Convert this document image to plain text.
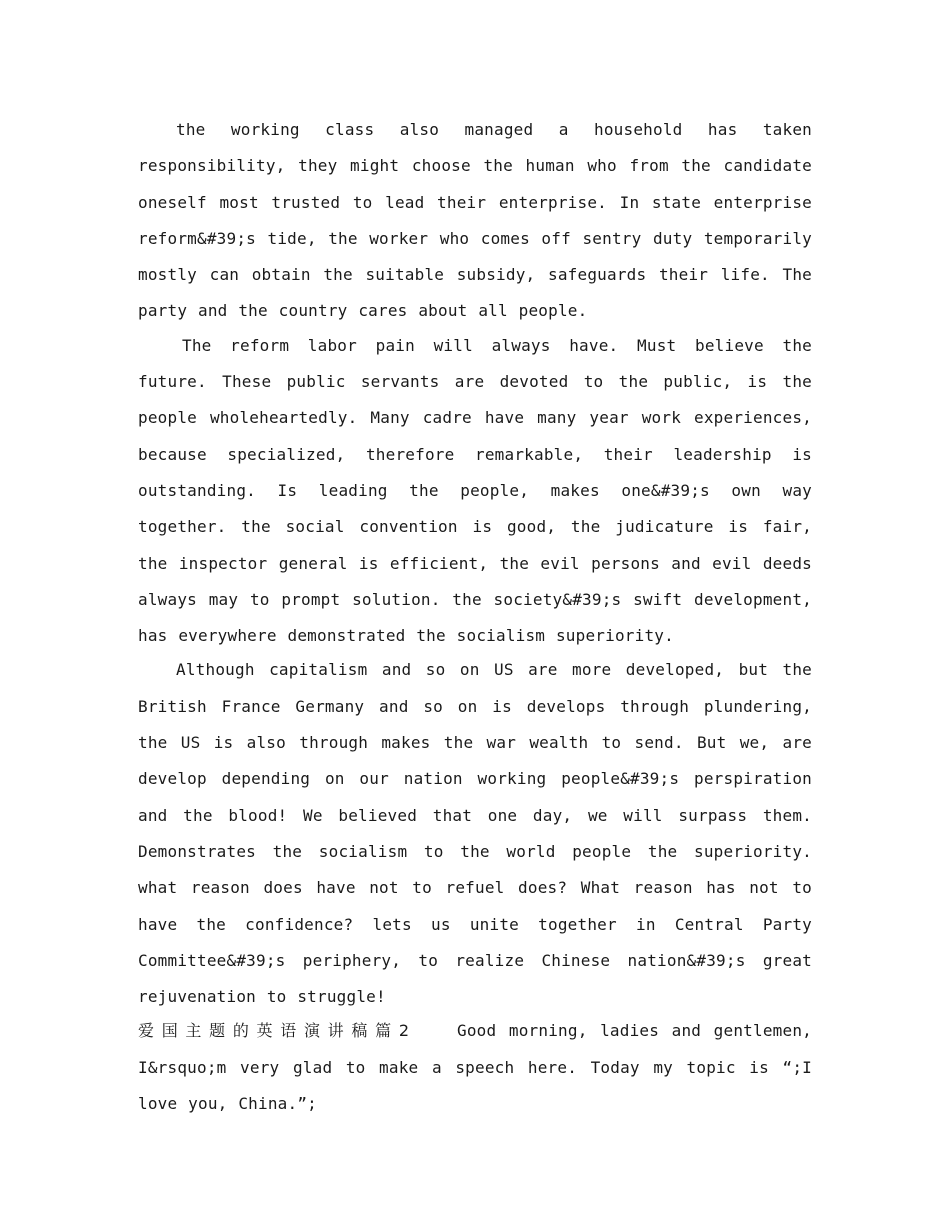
the working class also managed a household has taken responsibility, they might choose the human who from the candidate oneself most trusted to lead their enterprise. In state enterprise reform&#39;s tide, the worker who comes off sentry duty temporarily mostly can obtain the suitable subsidy, safeguards their life. The party and the country cares about all people.

The reform labor pain will always have. Must believe the future. These public servants are devoted to the public, is the people wholeheartedly. Many cadre have many year work experiences, because specialized, therefore remarkable, their leadership is outstanding. Is leading the people, makes one&#39;s own way together. the social convention is good, the judicature is fair, the inspector general is efficient, the evil persons and evil deeds always may to prompt solution. the society&#39;s swift development, has everywhere demonstrated the socialism superiority.

Although capitalism and so on US are more developed, but the British France Germany and so on is develops through plundering, the US is also through makes the war wealth to send. But we, are develop depending on our nation working people&#39;s perspiration and the blood! We believed that one day, we will surpass them. Demonstrates the socialism to the world people the superiority. what reason does have not to refuel does? What reason has not to have the confidence? lets us unite together in Central Party Committee&#39;s periphery, to realize Chinese nation&#39;s great rejuvenation to struggle!

爱国主题的英语演讲稿篇2	Good morning, ladies and gentlemen, I&rsquo;m very glad to make a speech here. Today my topic is “;I love you, China.”;
